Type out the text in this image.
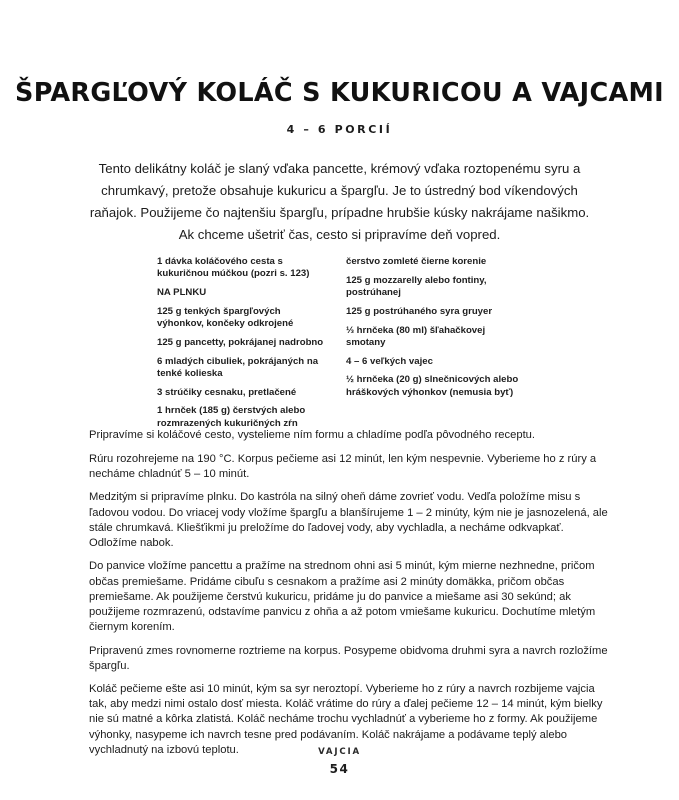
ŠPARGĽOVÝ KOLÁČ S KUKURICOU A VAJCAMI
4 – 6 PORCIÍ

Tento delikátny koláč je slaný vďaka pancette, krémový vďaka roztopenému syru a chrumkavý, pretože obsahuje kukuricu a špargľu. Je to ústredný bod víkendových raňajok. Použijeme čo najtenšiu špargľu, prípadne hrubšie kúsky nakrájame našikmo. Ak chceme ušetriť čas, cesto si pripravíme deň vopred.

1 dávka koláčového cesta s kukuričnou múčkou (pozri s. 123)
NA PLNKU
125 g tenkých špargľových výhonkov, končeky odkrojené
125 g pancetty, pokrájanej nadrobno
6 mladých cibuliek, pokrájaných na tenké kolieska
3 strúčiky cesnaku, pretlačené
1 hrnček (185 g) čerstvých alebo rozmrazených kukuričných zŕn
čerstvo zomleté čierne korenie
125 g mozzarelly alebo fontiny, postrúhanej
125 g postrúhaného syra gruyer
⅓ hrnčeka (80 ml) šľahačkovej smotany
4 – 6 veľkých vajec
½ hrnčeka (20 g) slnečnicových alebo hráškových výhonkov (nemusia byť)

Pripravíme si koláčové cesto, vystelieme ním formu a chladíme podľa pôvodného receptu.

Rúru rozohrejeme na 190 °C. Korpus pečieme asi 12 minút, len kým nespevnie. Vyberieme ho z rúry a necháme chladnúť 5 – 10 minút.

Medzitým si pripravíme plnku. Do kastróla na silný oheň dáme zovrieť vodu. Vedľa položíme misu s ľadovou vodou. Do vriacej vody vložíme špargľu a blanšírujeme 1 – 2 minúty, kým nie je jasnozelená, ale stále chrumkavá. Kliešťikmi ju preložíme do ľadovej vody, aby vychladla, a necháme odkvapkať. Odložíme nabok.

Do panvice vložíme pancettu a pražíme na strednom ohni asi 5 minút, kým mierne nezhnedne, pričom občas premiešame. Pridáme cibuľu s cesnakom a pražíme asi 2 minúty domäkka, pričom občas premiešame. Ak použijeme čerstvú kukuricu, pridáme ju do panvice a miešame asi 30 sekúnd; ak použijeme rozmrazenú, odstavíme panvicu z ohňa a až potom vmiešame kukuricu. Dochutíme mletým čiernym korením.

Pripravenú zmes rovnomerne roztrieme na korpus. Posypeme obidvoma druhmi syra a navrch rozložíme špargľu.

Koláč pečieme ešte asi 10 minút, kým sa syr neroztopí. Vyberieme ho z rúry a navrch rozbijeme vajcia tak, aby medzi nimi ostalo dosť miesta. Koláč vrátime do rúry a ďalej pečieme 12 – 14 minút, kým bielky nie sú matné a kôrka zlatistá. Koláč necháme trochu vychladnúť a vyberieme ho z formy. Ak použijeme výhonky, nasypeme ich navrch tesne pred podávaním. Koláč nakrájame a podávame teplý alebo vychladnutý na izbovú teplotu.	VAJCIA
54
